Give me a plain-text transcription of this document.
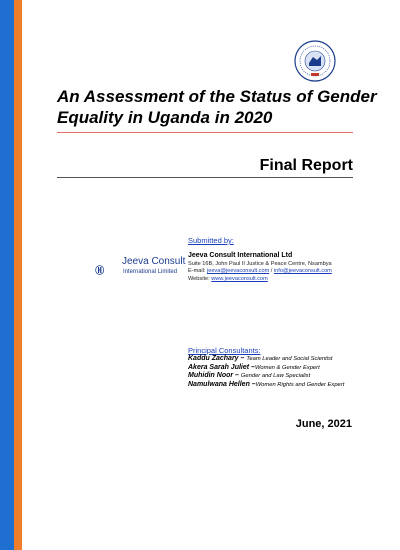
An Assessment of the Status of Gender
Equality in Uganda in 2020
Final Report
Submitted by:
Jeeva Consult
International Limited
Jeeva Consult International Ltd
Suite 16B, John Paul II Justice & Peace Centre, Nsambya
E-mail: jeeva@jeevaconsult.com / info@jeevaconsult.com
Website: www.jeevaconsult.com
Principal Consultants:
Kaddu Zachary – Team Leader and Social Scientist
Akera Sarah Juliet –Women & Gender Expert
Muhidin Noor – Gender and Law Specialist
Namulwana Hellen –Women Rights and Gender Expert
June, 2021
